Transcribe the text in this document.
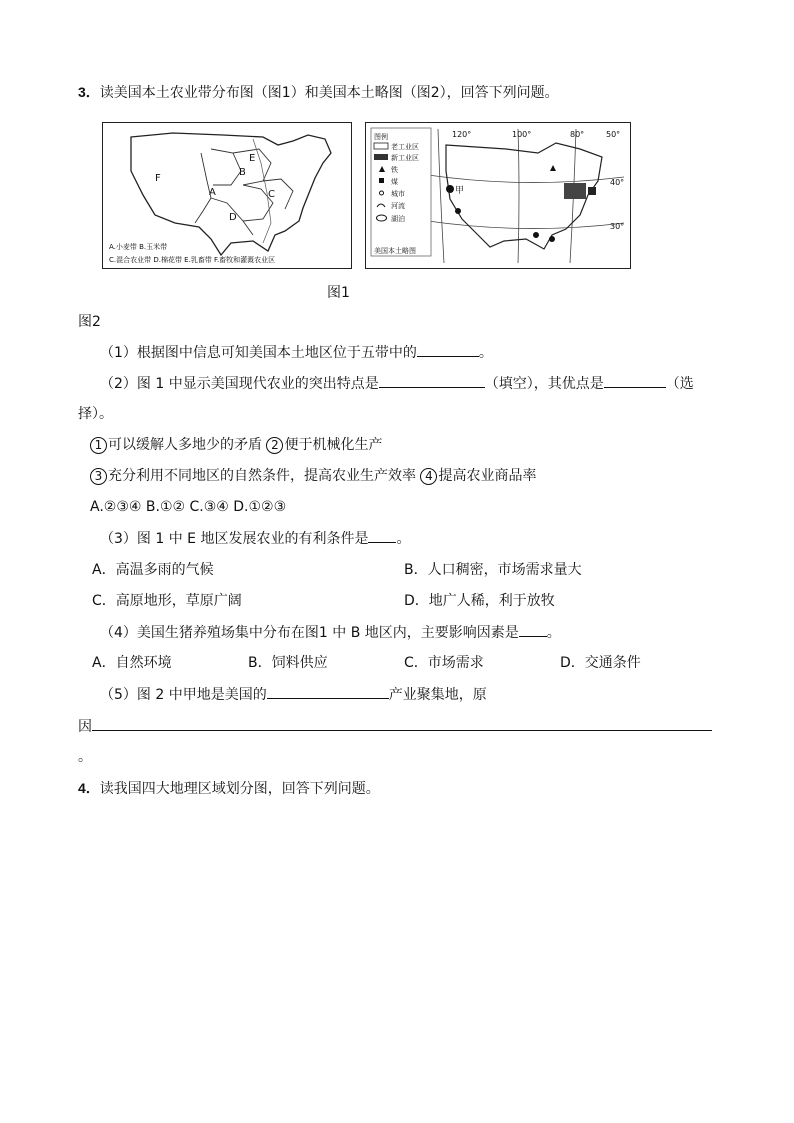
3．读美国本土农业带分布图（图1）和美国本土略图（图2），回答下列问题。
F
A
B
C
D
E
A.小麦带 B.玉米带
C.混合农业带 D.棉花带 E.乳畜带 F.畜牧和灌溉农业区
图例
老工业区
新工业区
铁
煤
城市
河流
湖泊
美国本土略图
120°	100°	80°	50°
40°
30°
甲
图1
图2
（1）根据图中信息可知美国本土地区位于五带中的	。
（2）图 1 中显示美国现代农业的突出特点是	（填空），其优点是	（选
择）。
1 可以缓解人多地少的矛盾 2 便于机械化生产
3 充分利用不同地区的自然条件，提高农业生产效率 4 提高农业商品率
A.②③④ B.①② C.③④ D.①②③
（3）图 1 中 E 地区发展农业的有利条件是 。
A．高温多雨的气候	B．人口稠密，市场需求量大
C．高原地形，草原广阔	D．地广人稀，利于放牧
（4）美国生猪养殖场集中分布在图1 中 B 地区内，主要影响因素是 。
A．自然环境	B．饲料供应	C．市场需求	D．交通条件
（5）图 2 中甲地是美国的	产业聚集地，原
因
。
4．读我国四大地理区域划分图，回答下列问题。
